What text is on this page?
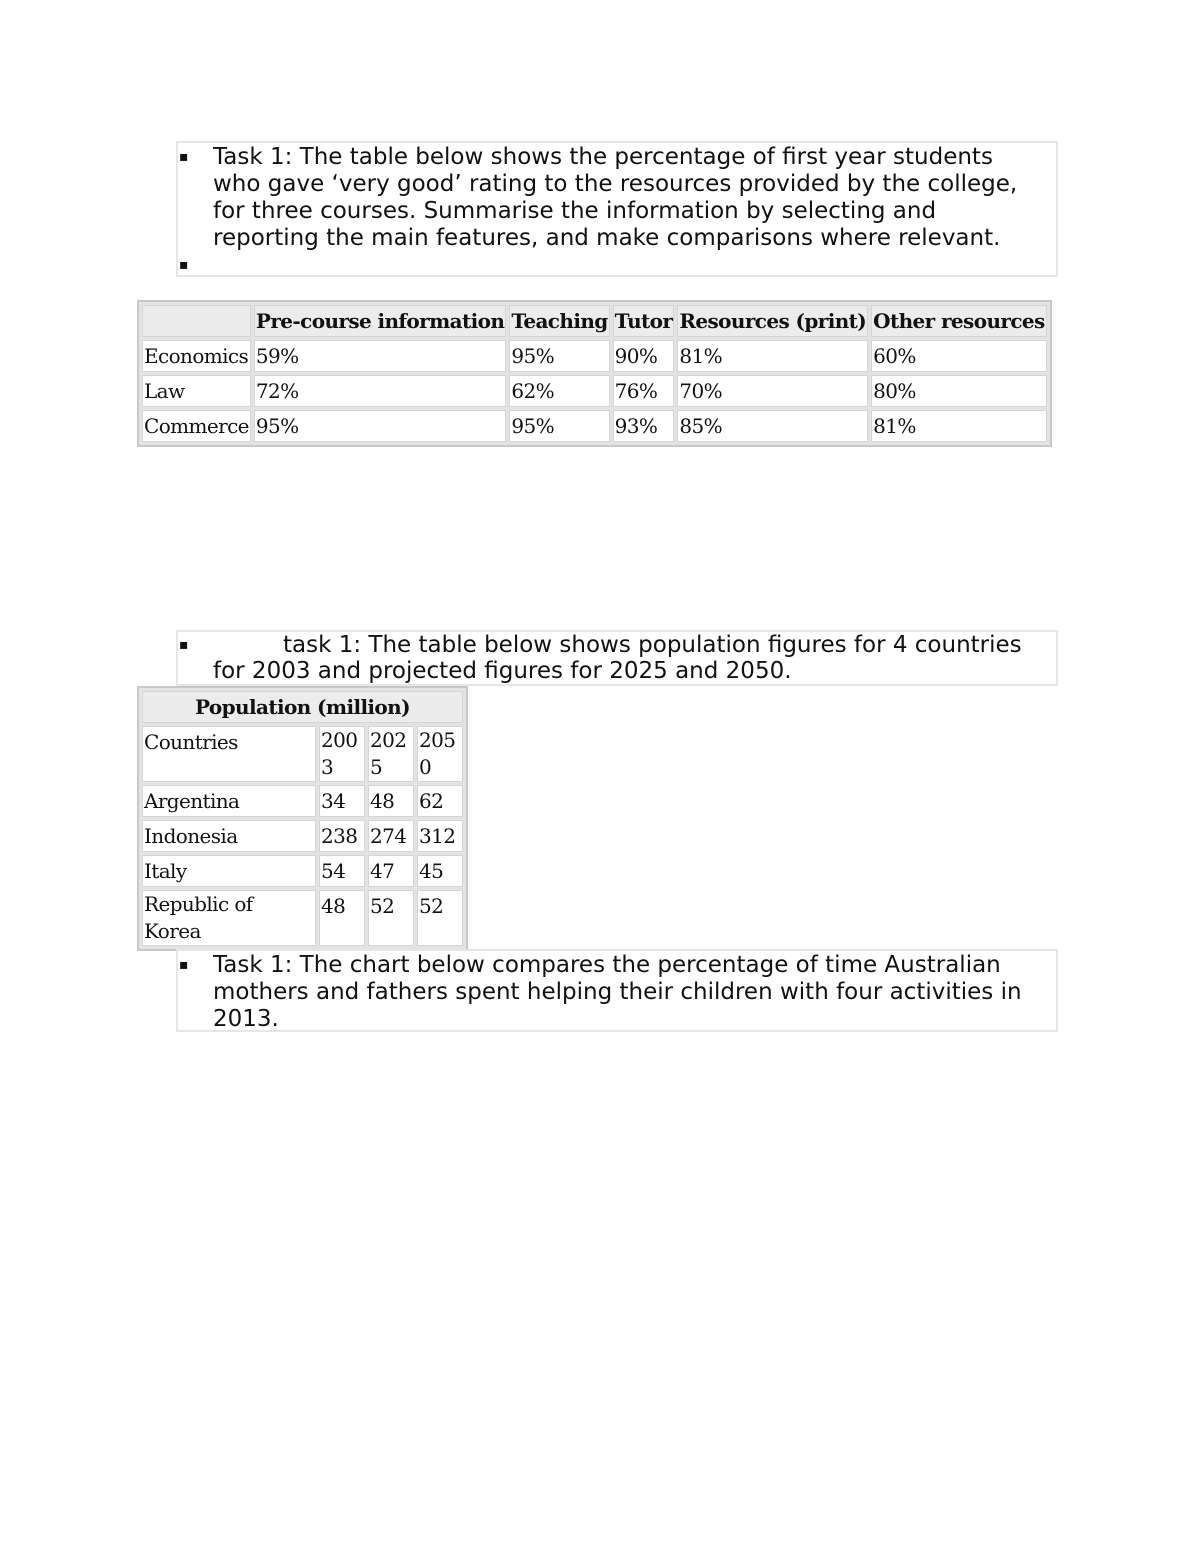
▪ Task 1: The table below shows the percentage of first year students
who gave ‘very good’ rating to the resources provided by the college,
for three courses. Summarise the information by selecting and
reporting the main features, and make comparisons where relevant.
▪
	Pre-course information	Teaching	Tutor	Resources (print)	Other resources
Economics	59%	95%	90%	81%	60%
Law	72%	62%	76%	70%	80%
Commerce	95%	95%	93%	85%	81%
▪	task 1: The table below shows population figures for 4 countries
for 2003 and projected figures for 2025 and 2050.
Population (million)			
Countries	2003	2025	2050
Argentina	34	48	62
Indonesia	238	274	312
Italy	54	47	45
Republic of Korea	48	52	52
▪ Task 1: The chart below compares the percentage of time Australian
mothers and fathers spent helping their children with four activities in
2013.
